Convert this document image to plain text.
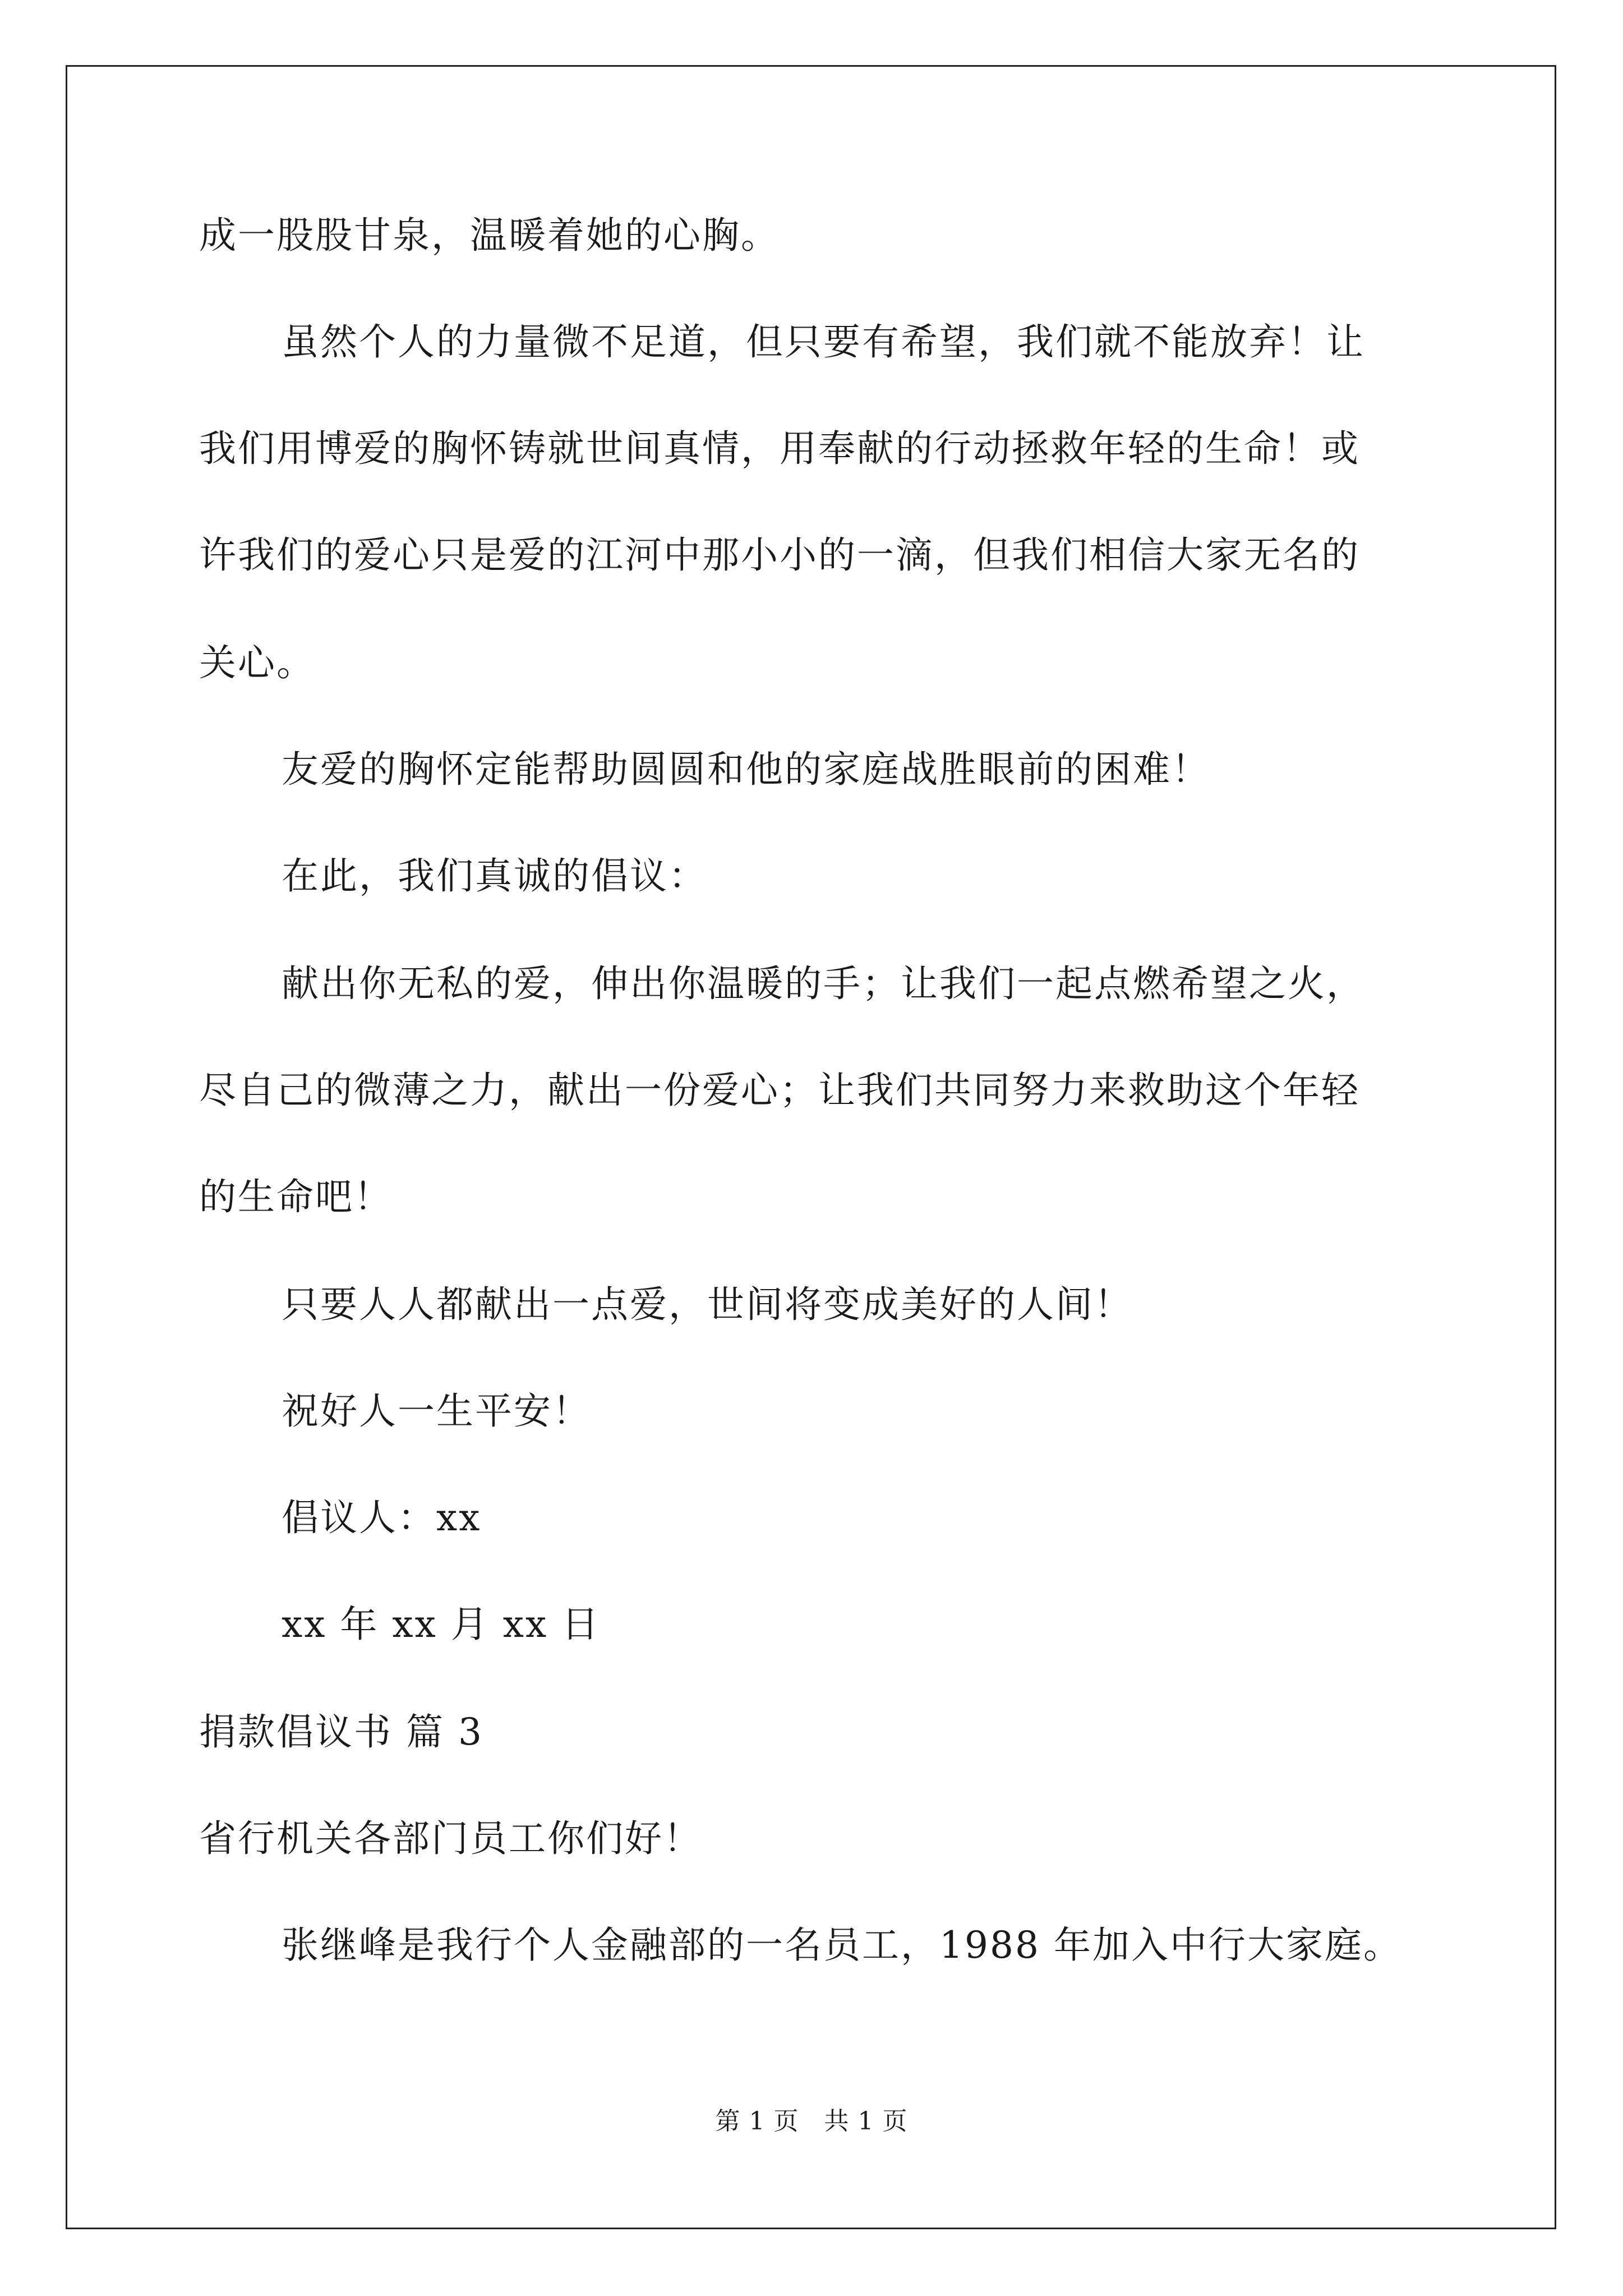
成一股股甘泉，温暖着她的心胸。
虽然个人的力量微不足道，但只要有希望，我们就不能放弃！让
我们用博爱的胸怀铸就世间真情，用奉献的行动拯救年轻的生命！或
许我们的爱心只是爱的江河中那小小的一滴，但我们相信大家无名的
关心。
友爱的胸怀定能帮助圆圆和他的家庭战胜眼前的困难！
在此，我们真诚的倡议：
献出你无私的爱，伸出你温暖的手；让我们一起点燃希望之火，
尽自己的微薄之力，献出一份爱心；让我们共同努力来救助这个年轻
的生命吧！
只要人人都献出一点爱，世间将变成美好的人间！
祝好人一生平安！
倡议人：xx
xx 年 xx 月 xx 日
捐款倡议书 篇 3
省行机关各部门员工你们好！
张继峰是我行个人金融部的一名员工，1988 年加入中行大家庭。
第 1 页　共 1 页
